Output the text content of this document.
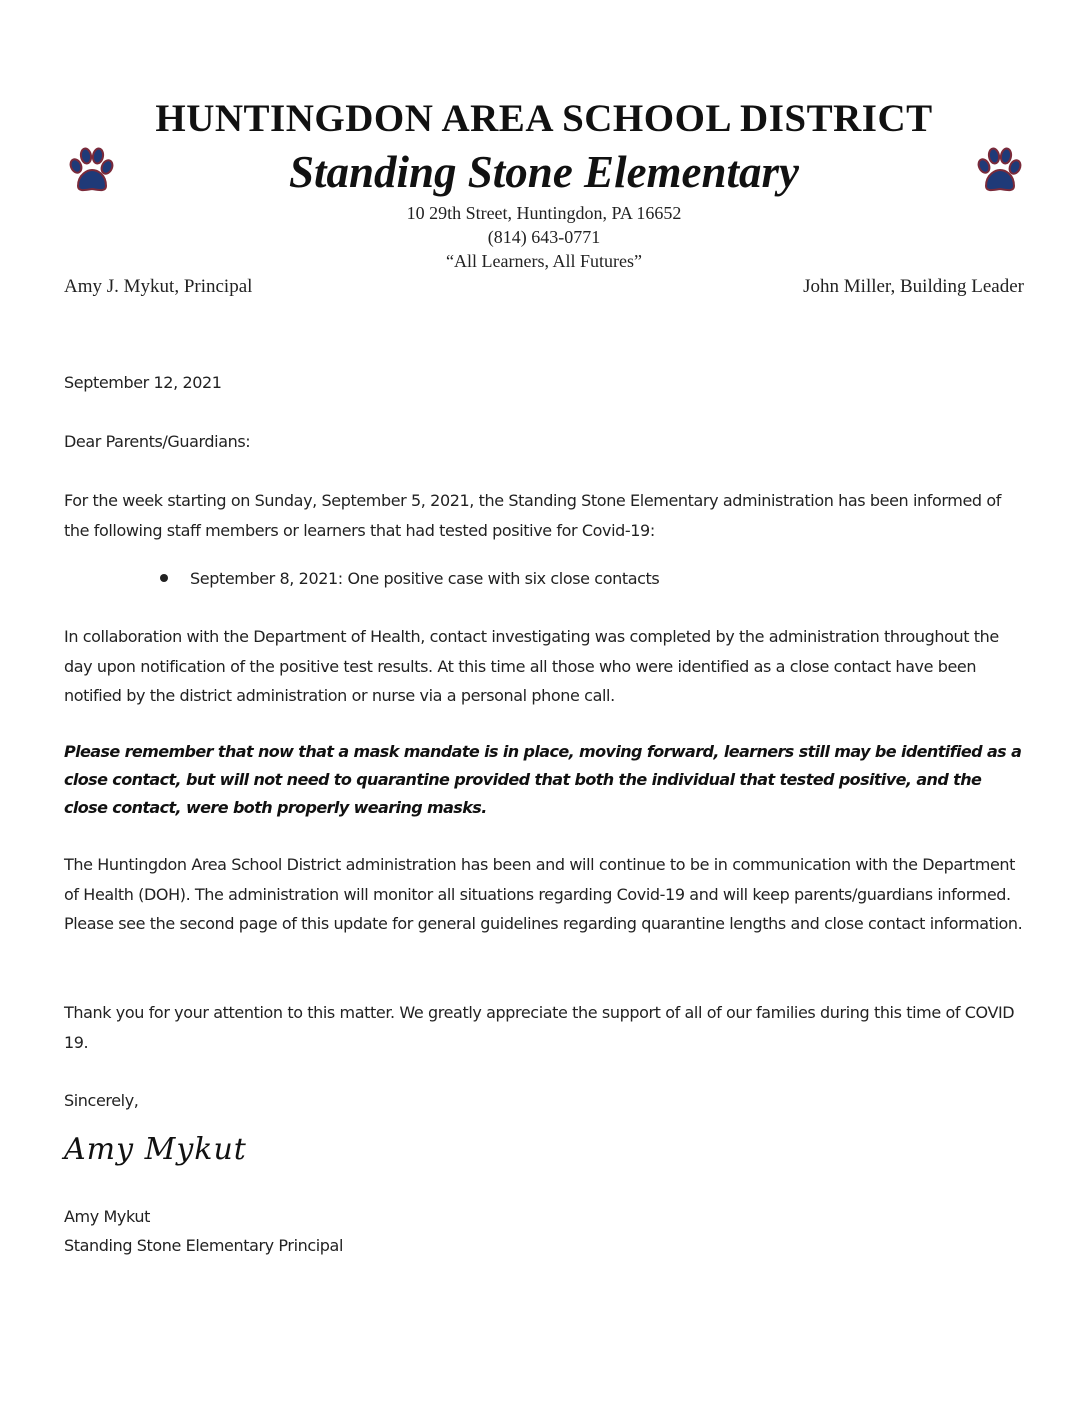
HUNTINGDON AREA SCHOOL DISTRICT
Standing Stone Elementary
10 29th Street, Huntingdon, PA 16652
(814) 643-0771
“All Learners, All Futures”
Amy J. Mykut, Principal	John Miller, Building Leader
September 12, 2021
Dear Parents/Guardians:
For the week starting on Sunday, September 5, 2021, the Standing Stone Elementary administration has been informed of the following staff members or learners that had tested positive for Covid-19:
September 8, 2021: One positive case with six close contacts
In collaboration with the Department of Health, contact investigating was completed by the administration throughout the day upon notification of the positive test results. At this time all those who were identified as a close contact have been notified by the district administration or nurse via a personal phone call.
Please remember that now that a mask mandate is in place, moving forward, learners still may be identified as a close contact, but will not need to quarantine provided that both the individual that tested positive, and the close contact, were both properly wearing masks.
The Huntingdon Area School District administration has been and will continue to be in communication with the Department of Health (DOH). The administration will monitor all situations regarding Covid-19 and will keep parents/guardians informed. Please see the second page of this update for general guidelines regarding quarantine lengths and close contact information.
Thank you for your attention to this matter. We greatly appreciate the support of all of our families during this time of COVID 19.
Sincerely,
Amy Mykut
Amy Mykut
Standing Stone Elementary Principal
